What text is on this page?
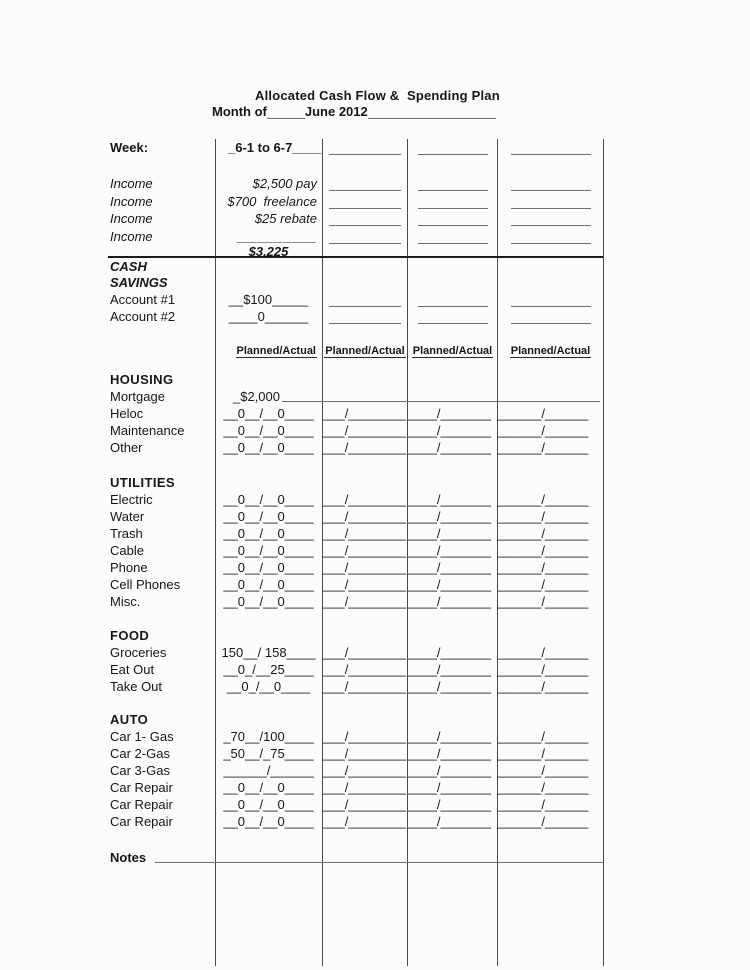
Allocated Cash Flow &  Spending Plan
Month of	June 2012
Week:	_6-1 to 6-7____
Income	$2,500 pay
Income	$700  freelance
Income	$25 rebate
Income	___________
$3,225
CASH
SAVINGS
Account #1	__$100_____
Account #2	____0______
Planned/Actual Planned/Actual Planned/Actual	Planned/Actual
HOUSING
Mortgage	_$2,000
Heloc	__0__/__0____ ___/________ ____/_______ ______/______
Maintenance	__0__/__0____ ___/________ ____/_______ ______/______
Other	__0__/__0____ ___/________ ____/_______ ______/______
UTILITIES
Electric	__0__/__0____ ___/________ ____/_______ ______/______
Water	__0__/__0____ ___/________ ____/_______ ______/______
Trash	__0__/__0____ ___/________ ____/_______ ______/______
Cable	__0__/__0____ ___/________ ____/_______ ______/______
Phone	__0__/__0____ ___/________ ____/_______ ______/______
Cell Phones	__0__/__0____ ___/________ ____/_______ ______/______
Misc.	__0__/__0____ ___/________ ____/_______ ______/______
FOOD
Groceries	150__/ 158____ ___/________ ____/_______ ______/______
Eat Out	__0_/__25____ ___/________ ____/_______ ______/______
Take Out	__0_/__0____ ___/________ ____/_______ ______/______
AUTO
Car 1- Gas	_70__/100____ ___/________ ____/_______ ______/______
Car 2-Gas	_50__/_75____ ___/________ ____/_______ ______/______
Car 3-Gas	______/______ ___/________ ____/_______ ______/______
Car Repair	__0__/__0____ ___/________ ____/_______ ______/______
Car Repair	__0__/__0____ ___/________ ____/_______ ______/______
Car Repair	__0__/__0____ ___/________ ____/_______ ______/______
Notes
